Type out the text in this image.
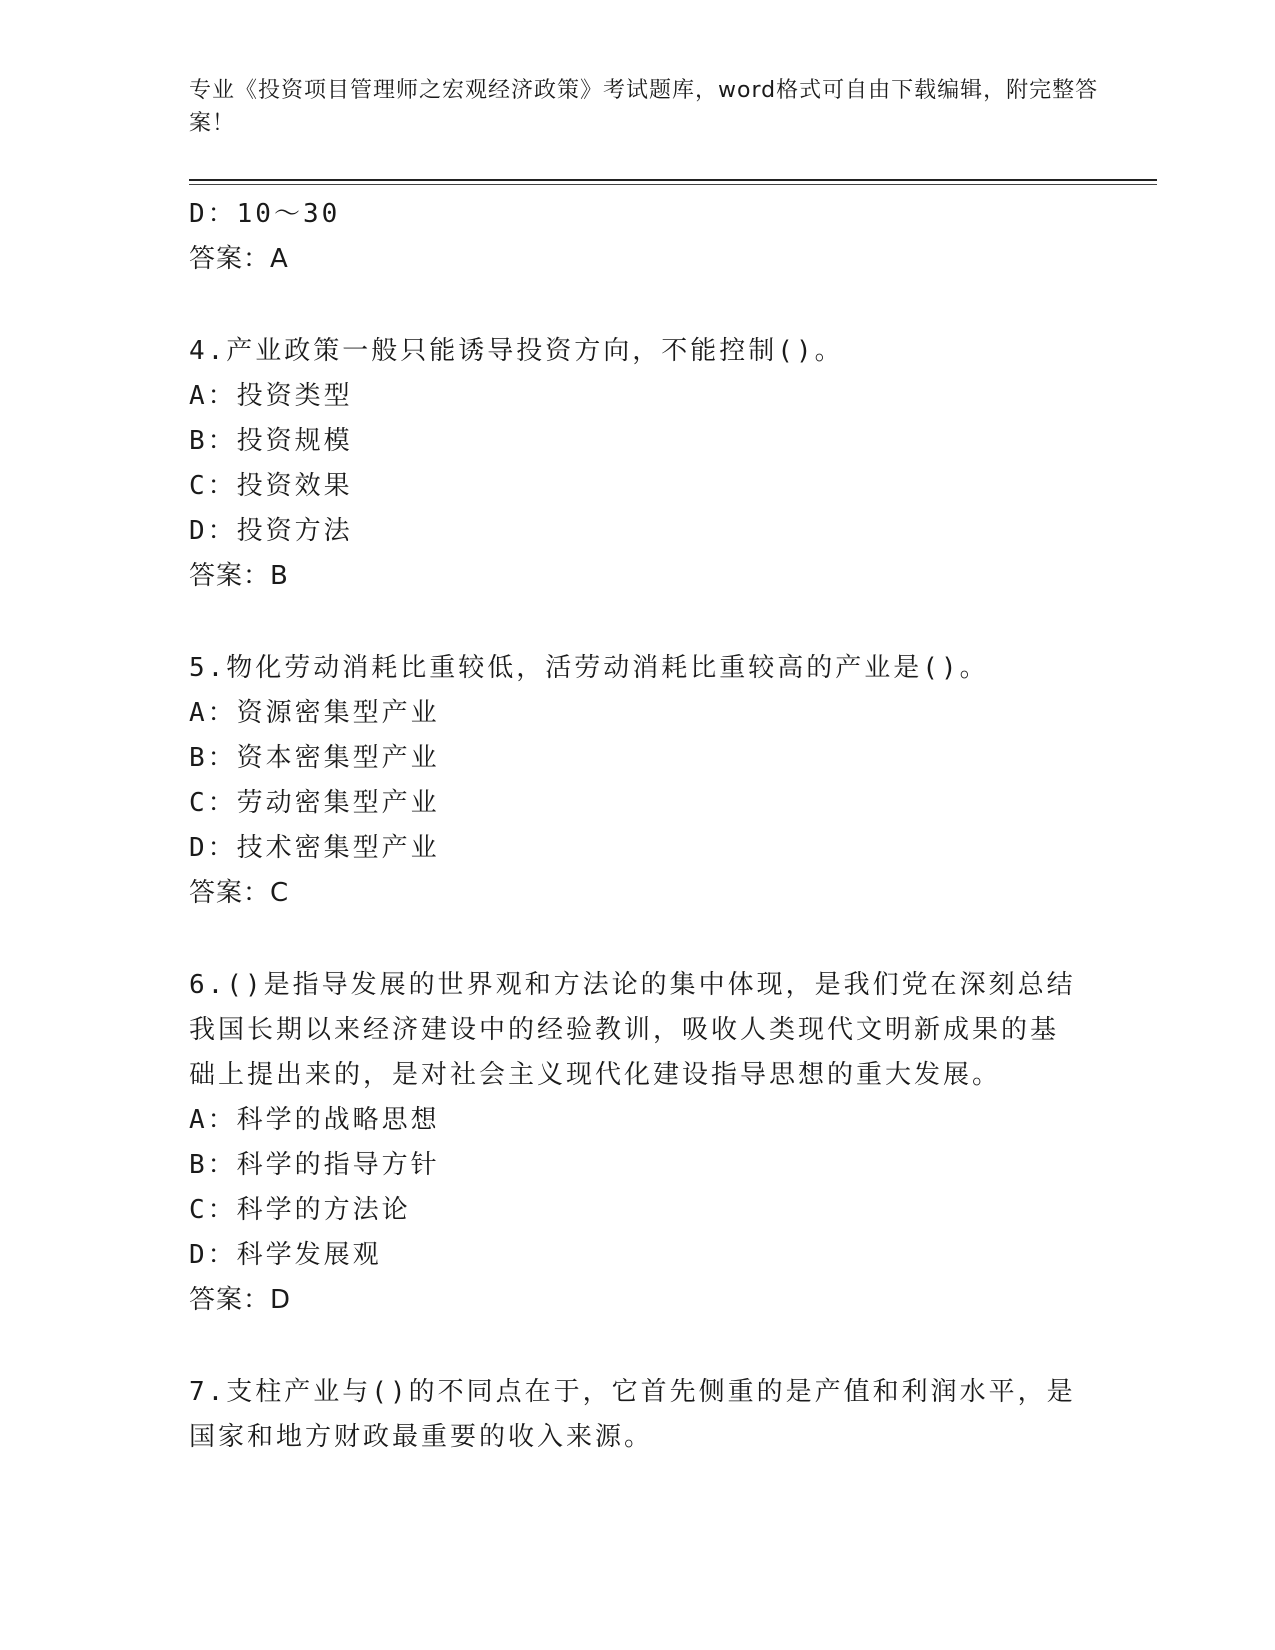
专业《投资项目管理师之宏观经济政策》考试题库，word格式可自由下载编辑，附完整答案！
D：10～30
答案：A
4.产业政策一般只能诱导投资方向，不能控制()。
A：投资类型
B：投资规模
C：投资效果
D：投资方法
答案：B
5.物化劳动消耗比重较低，活劳动消耗比重较高的产业是()。
A：资源密集型产业
B：资本密集型产业
C：劳动密集型产业
D：技术密集型产业
答案：C
6.()是指导发展的世界观和方法论的集中体现，是我们党在深刻总结
我国长期以来经济建设中的经验教训，吸收人类现代文明新成果的基
础上提出来的，是对社会主义现代化建设指导思想的重大发展。
A：科学的战略思想
B：科学的指导方针
C：科学的方法论
D：科学发展观
答案：D
7.支柱产业与()的不同点在于，它首先侧重的是产值和利润水平，是
国家和地方财政最重要的收入来源。
